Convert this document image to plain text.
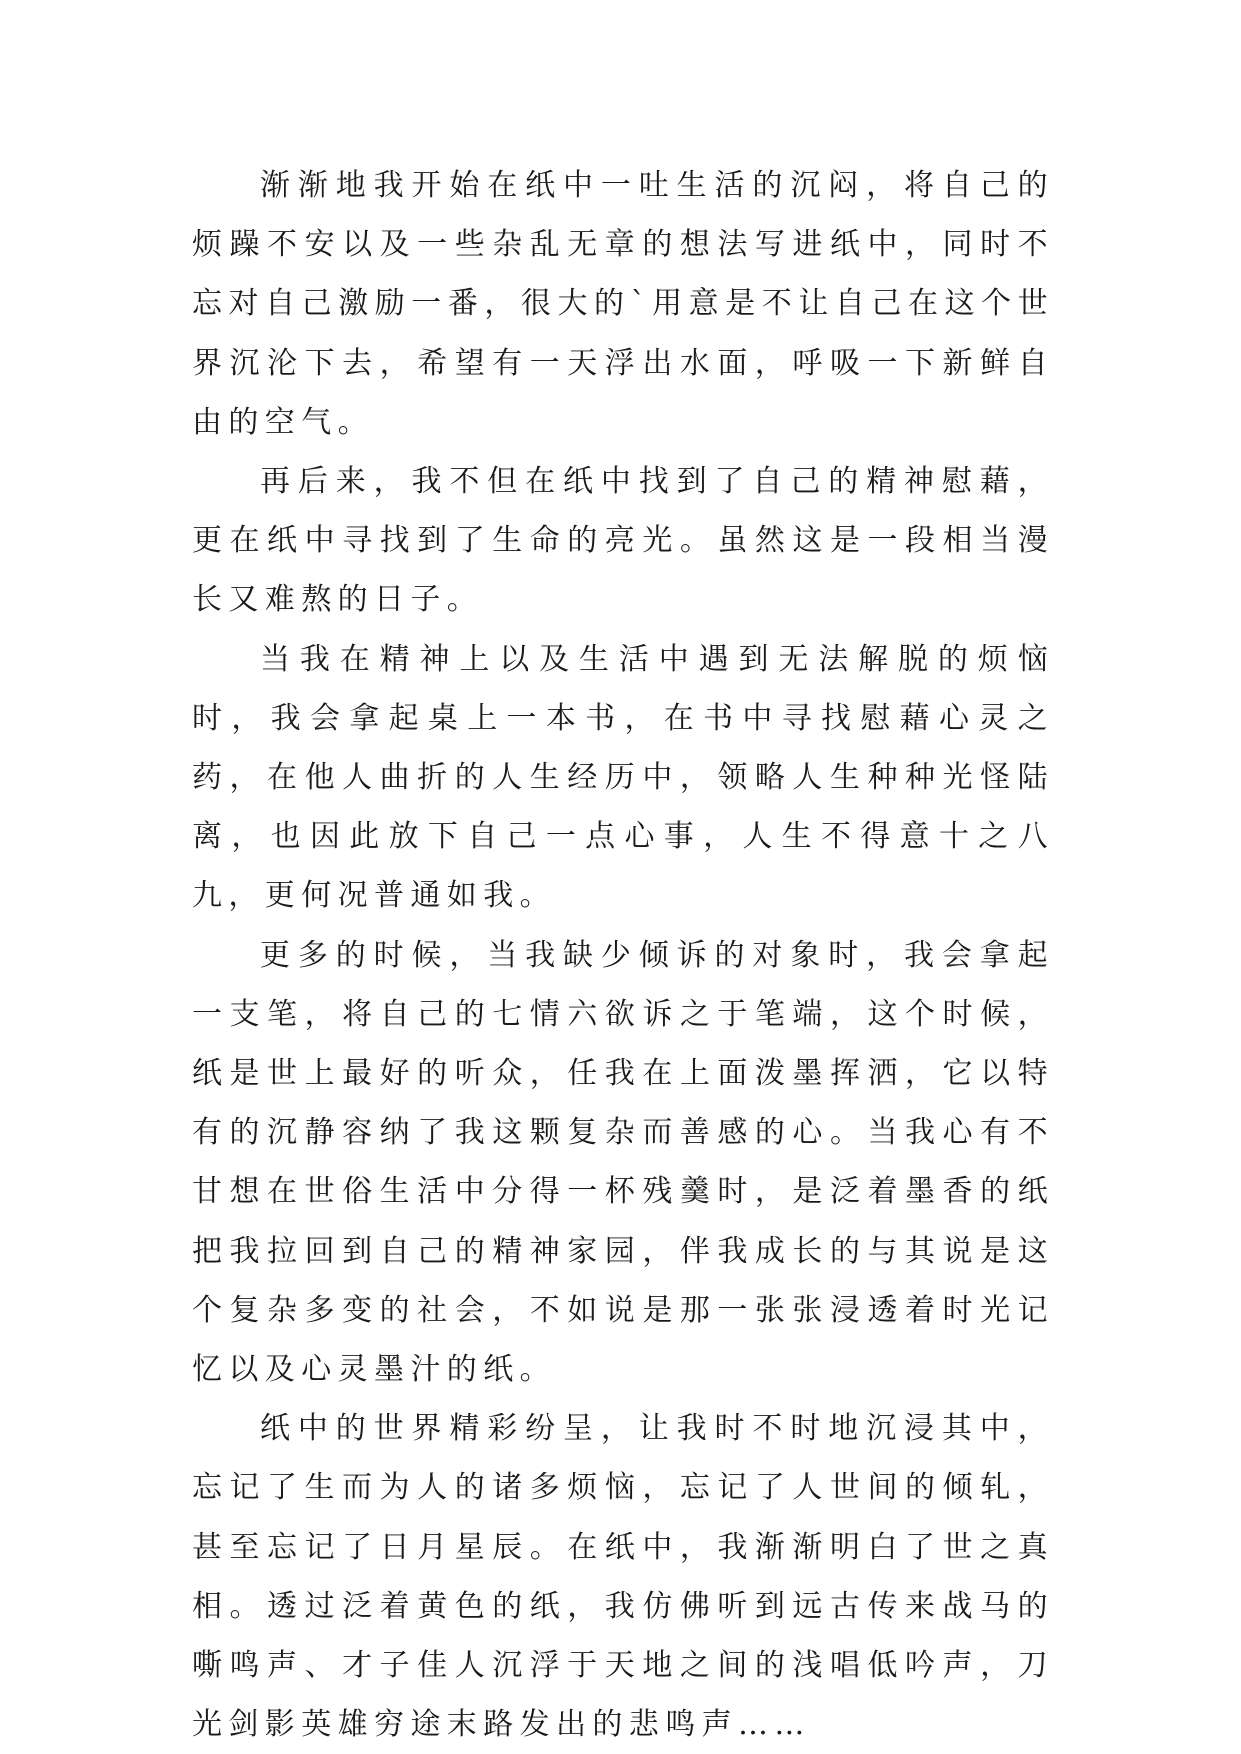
渐渐地我开始在纸中一吐生活的沉闷，将自己的烦躁不安以及一些杂乱无章的想法写进纸中，同时不忘对自己激励一番，很大的`用意是不让自己在这个世界沉沦下去，希望有一天浮出水面，呼吸一下新鲜自由的空气。

再后来，我不但在纸中找到了自己的精神慰藉，更在纸中寻找到了生命的亮光。虽然这是一段相当漫长又难熬的日子。

当我在精神上以及生活中遇到无法解脱的烦恼时，我会拿起桌上一本书，在书中寻找慰藉心灵之药，在他人曲折的人生经历中，领略人生种种光怪陆离，也因此放下自己一点心事，人生不得意十之八九，更何况普通如我。

更多的时候，当我缺少倾诉的对象时，我会拿起一支笔，将自己的七情六欲诉之于笔端，这个时候，纸是世上最好的听众，任我在上面泼墨挥洒，它以特有的沉静容纳了我这颗复杂而善感的心。当我心有不甘想在世俗生活中分得一杯残羹时，是泛着墨香的纸把我拉回到自己的精神家园，伴我成长的与其说是这个复杂多变的社会，不如说是那一张张浸透着时光记忆以及心灵墨汁的纸。

纸中的世界精彩纷呈，让我时不时地沉浸其中，忘记了生而为人的诸多烦恼，忘记了人世间的倾轧，甚至忘记了日月星辰。在纸中，我渐渐明白了世之真相。透过泛着黄色的纸，我仿佛听到远古传来战马的嘶鸣声、才子佳人沉浮于天地之间的浅唱低吟声，刀光剑影英雄穷途末路发出的悲鸣声……
